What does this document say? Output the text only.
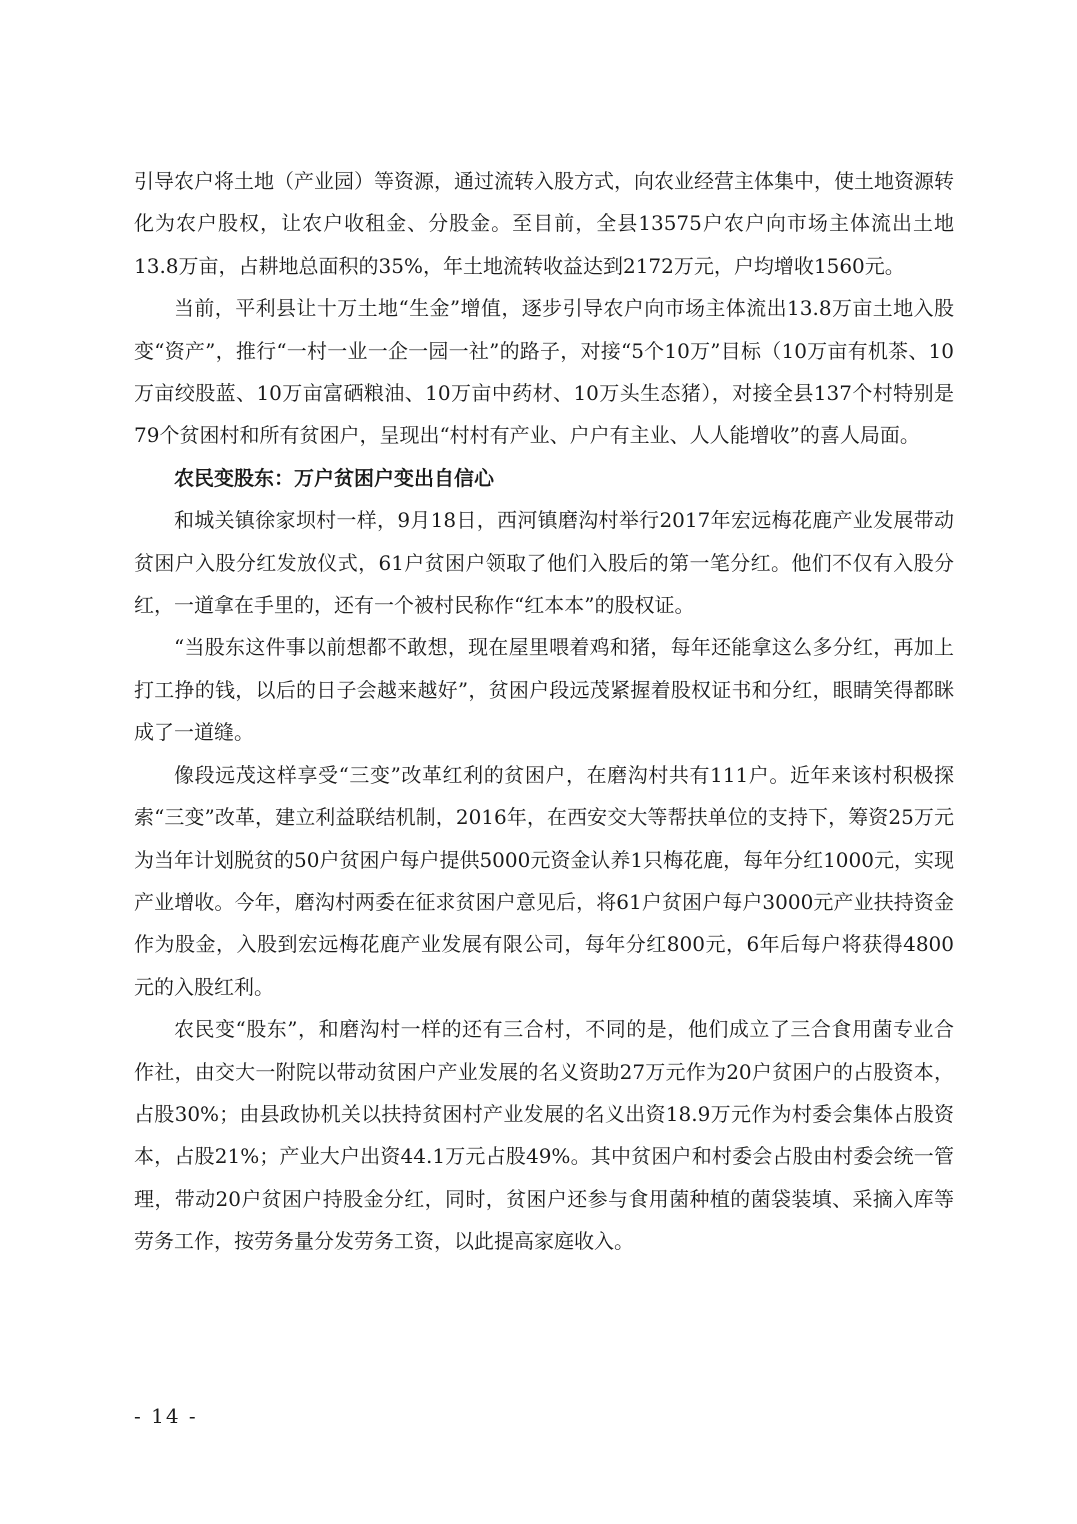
引导农户将土地（产业园）等资源，通过流转入股方式，向农业经营主体集中，使土地资源转化为农户股权，让农户收租金、分股金。至目前，全县13575户农户向市场主体流出土地13.8万亩，占耕地总面积的35%，年土地流转收益达到2172万元，户均增收1560元。

当前，平利县让十万土地“生金”增值，逐步引导农户向市场主体流出13.8万亩土地入股变“资产”，推行“一村一业一企一园一社”的路子，对接“5个10万”目标（10万亩有机茶、10万亩绞股蓝、10万亩富硒粮油、10万亩中药材、10万头生态猪），对接全县137个村特别是79个贫困村和所有贫困户，呈现出“村村有产业、户户有主业、人人能增收”的喜人局面。

农民变股东：万户贫困户变出自信心

和城关镇徐家坝村一样，9月18日，西河镇磨沟村举行2017年宏远梅花鹿产业发展带动贫困户入股分红发放仪式，61户贫困户领取了他们入股后的第一笔分红。他们不仅有入股分红，一道拿在手里的，还有一个被村民称作“红本本”的股权证。

“当股东这件事以前想都不敢想，现在屋里喂着鸡和猪，每年还能拿这么多分红，再加上打工挣的钱，以后的日子会越来越好”，贫困户段远茂紧握着股权证书和分红，眼睛笑得都眯成了一道缝。

像段远茂这样享受“三变”改革红利的贫困户，在磨沟村共有111户。近年来该村积极探索“三变”改革，建立利益联结机制，2016年，在西安交大等帮扶单位的支持下，筹资25万元为当年计划脱贫的50户贫困户每户提供5000元资金认养1只梅花鹿，每年分红1000元，实现产业增收。今年，磨沟村两委在征求贫困户意见后，将61户贫困户每户3000元产业扶持资金作为股金，入股到宏远梅花鹿产业发展有限公司，每年分红800元，6年后每户将获得4800元的入股红利。

农民变“股东”，和磨沟村一样的还有三合村，不同的是，他们成立了三合食用菌专业合作社，由交大一附院以带动贫困户产业发展的名义资助27万元作为20户贫困户的占股资本，占股30%；由县政协机关以扶持贫困村产业发展的名义出资18.9万元作为村委会集体占股资本，占股21%；产业大户出资44.1万元占股49%。其中贫困户和村委会占股由村委会统一管理，带动20户贫困户持股金分红，同时，贫困户还参与食用菌种植的菌袋装填、采摘入库等劳务工作，按劳务量分发劳务工资，以此提高家庭收入。

- 14 -
